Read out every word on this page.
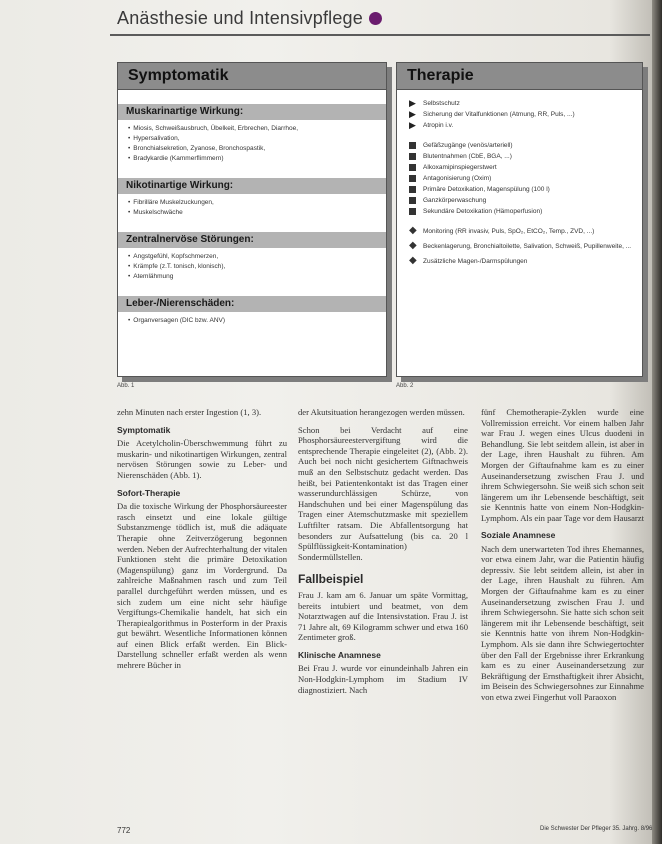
Anästhesie und Intensivpflege
Symptomatik
Muskarinartige Wirkung:
• Miosis, Schweißausbruch, Übelkeit, Erbrechen, Diarrhoe,
• Hypersalivation,
• Bronchialsekretion, Zyanose, Bronchospastik,
• Bradykardie (Kammerflimmern)
Nikotinartige Wirkung:
• Fibrilläre Muskelzuckungen,
• Muskelschwäche
Zentralnervöse Störungen:
• Angstgefühl, Kopfschmerzen,
• Krämpfe (z.T. tonisch, klonisch),
• Atemlähmung
Leber-/Nierenschäden:
• Organversagen (DIC bzw. ANV)
Therapie
▶ Selbstschutz
▶ Sicherung der Vitalfunktionen (Atmung, RR, Puls, ...)
▶ Atropin i.v.
Gefäßzugänge (venös/arteriell)
Blutentnahmen (CbE, BGA, ...)
Alkoxamipinspiegerstwert
Antagonisierung (Oxim)
Primäre Detoxikation, Magenspülung (100 l)
Ganzkörperwaschung
Sekundäre Detoxikation (Hämoperfusion)
◆ Monitoring (RR invasiv, Puls, SpO₂, EtCO₂, Temp., ZVD, ...)
◆ Beckenlagerung, Bronchialtoilette, Salivation, Schweiß, Pupillenweite, ...
◆ Zusätzliche Magen-/Darmspülungen
Abb. 1	Abb. 2

zehn Minuten nach erster Ingestion (1, 3).

Symptomatik

Die Acetylcholin-Überschwemmung führt zu muskarin- und nikotinartigen Wirkungen, zentral nervösen Störungen sowie zu Leber- und Nierenschäden (Abb. 1).

Sofort-Therapie

Da die toxische Wirkung der Phosphorsäureester rasch einsetzt und eine lokale gültige Substanzmenge tödlich ist, muß die adäquate Therapie ohne Zeitverzögerung begonnen werden. Neben der Aufrechterhaltung der vitalen Funktionen steht die primäre Detoxikation (Magenspülung) ganz im Vordergrund. Da zahlreiche Maßnahmen rasch und zum Teil parallel durchgeführt werden müssen, und es sich zudem um eine nicht sehr häufige Vergiftungs-Chemikalie handelt, hat sich ein Therapiealgorithmus in Posterform in der Praxis gut bewährt. Wesentliche Informationen können auf einen Blick erfaßt werden. Ein Blick-Darstellung schneller erfaßt werden als wenn mehrere Bücher in

der Akutsituation herangezogen werden müssen.

Schon bei Verdacht auf eine Phosphorsäureestervergiftung wird die entsprechende Therapie eingeleitet (2), (Abb. 2). Auch bei noch nicht gesichertem Giftnachweis muß an den Selbstschutz gedacht werden. Das heißt, bei Patientenkontakt ist das Tragen einer wasserundurchlässigen Schürze, von Handschuhen und bei einer Magenspülung das Tragen einer Atemschutzmaske mit speziellem Luftfilter ratsam. Die Abfallentsorgung hat besonders zur Aufsattelung (bis ca. 20 l Spülflüssigkeit-Kontamination) Sondermüllstellen.

Fallbeispiel

Frau J. kam am 6. Januar um späte Vormittag, bereits intubiert und beatmet, von dem Notarztwagen auf die Intensivstation. Frau J. ist 71 Jahre alt, 69 Kilogramm schwer und etwa 160 Zentimeter groß.

Klinische Anamnese

Bei Frau J. wurde vor einundeinhalb Jahren ein Non-Hodgkin-Lymphom im Stadium IV diagnostiziert. Nach

fünf Chemotherapie-Zyklen wurde eine Vollremission erreicht. Vor einem halben Jahr war Frau J. wegen eines Ulcus duodeni in Behandlung. Sie lebt seitdem allein, ist aber in der Lage, ihren Haushalt zu führen. Am Morgen der Giftaufnahme kam es zu einer Auseinandersetzung zwischen Frau J. und ihrem Schwiegersohn. Sie weiß sich schon seit längerem um ihr Lebensende beschäftigt, seit sie Kenntnis hatte von einem Non-Hodgkin-Lymphom. Als ein paar Tage vor dem Hausarzt

Soziale Anamnese

Nach dem unerwarteten Tod ihres Ehemannes, vor etwa einem Jahr, war die Patientin häufig depressiv. Sie lebt seitdem allein, ist aber in der Lage, ihren Haushalt zu führen. Am Morgen der Giftaufnahme kam es zu einer Auseinandersetzung zwischen Frau J. und ihrem Schwiegersohn. Sie hatte sich schon seit längerem mit ihr Lebensende beschäftigt, seit sie Kenntnis hatte von ihrem Non-Hodgkin-Lymphom. Als sie dann ihre Schwiegertochter über den Fall der Ergebnisse ihrer Erkrankung kam es zu einer Auseinandersetzung zur Bekräftigung der Ernsthaftigkeit ihrer Absicht, im Beisein des Schwiegersohnes zur Einnahme von etwa zwei Fingerhut voll Paraoxon

772	Die Schwester Der Pfleger 35. Jahrg. 8/96
